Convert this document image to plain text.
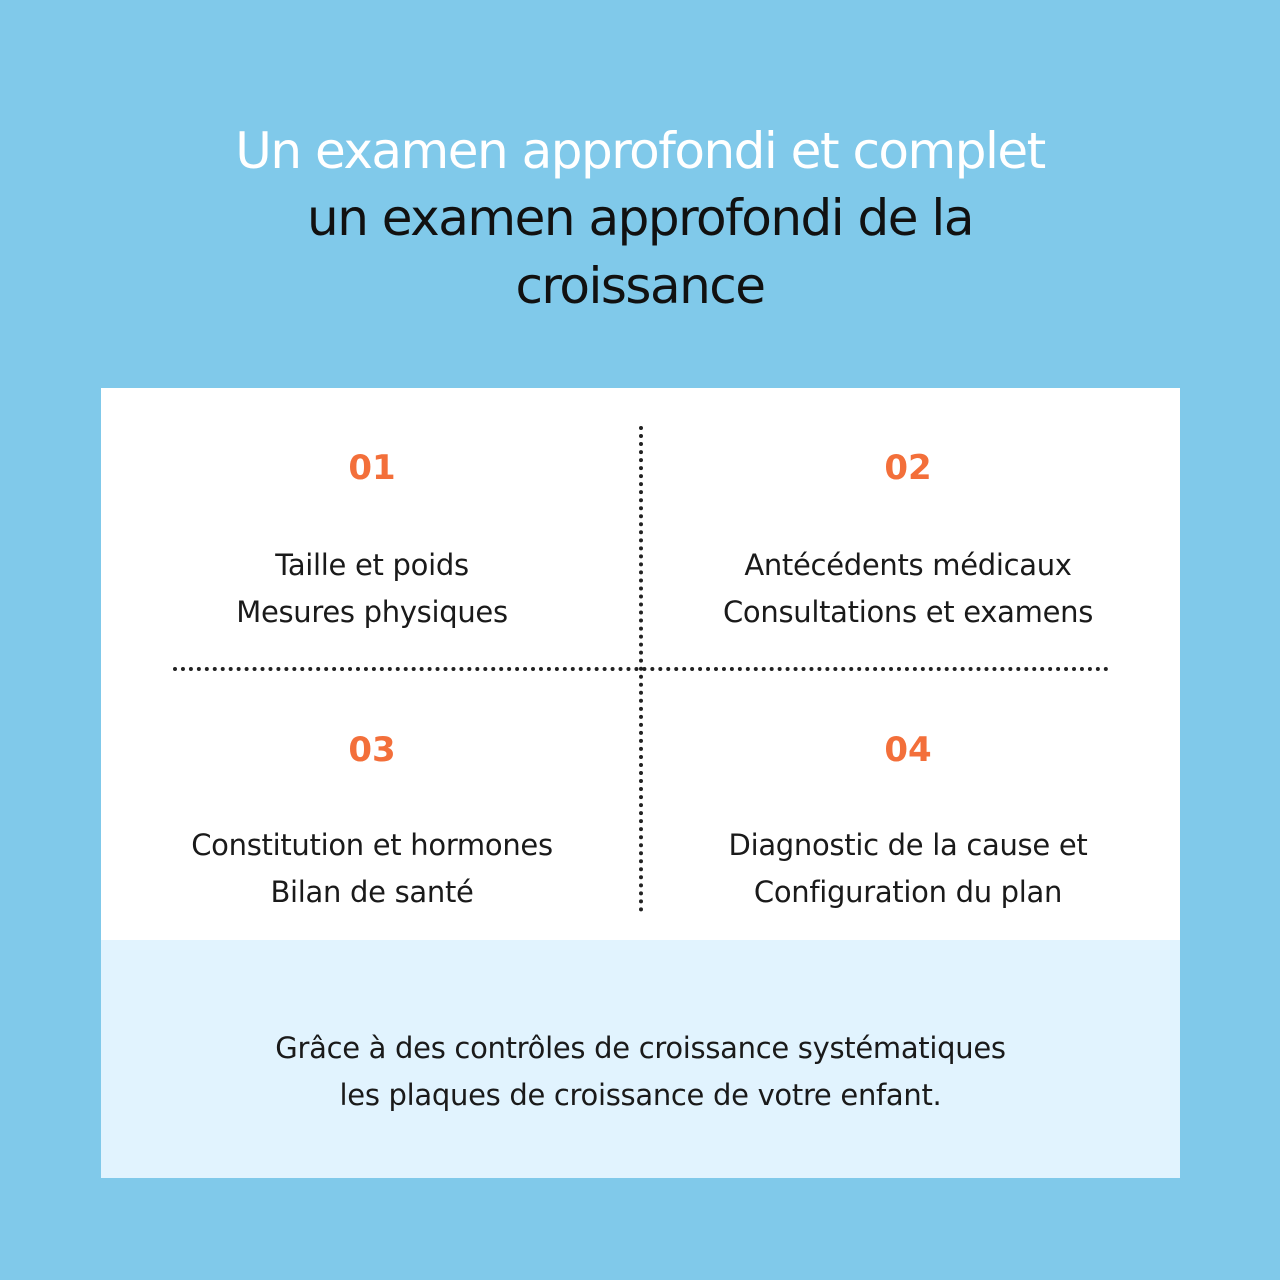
Un examen approfondi et complet
un examen approfondi de la croissance
01
Taille et poids
Mesures physiques
02
Antécédents médicaux
Consultations et examens
03
Constitution et hormones
Bilan de santé
04
Diagnostic de la cause et
Configuration du plan
Grâce à des contrôles de croissance systématiques
les plaques de croissance de votre enfant.
